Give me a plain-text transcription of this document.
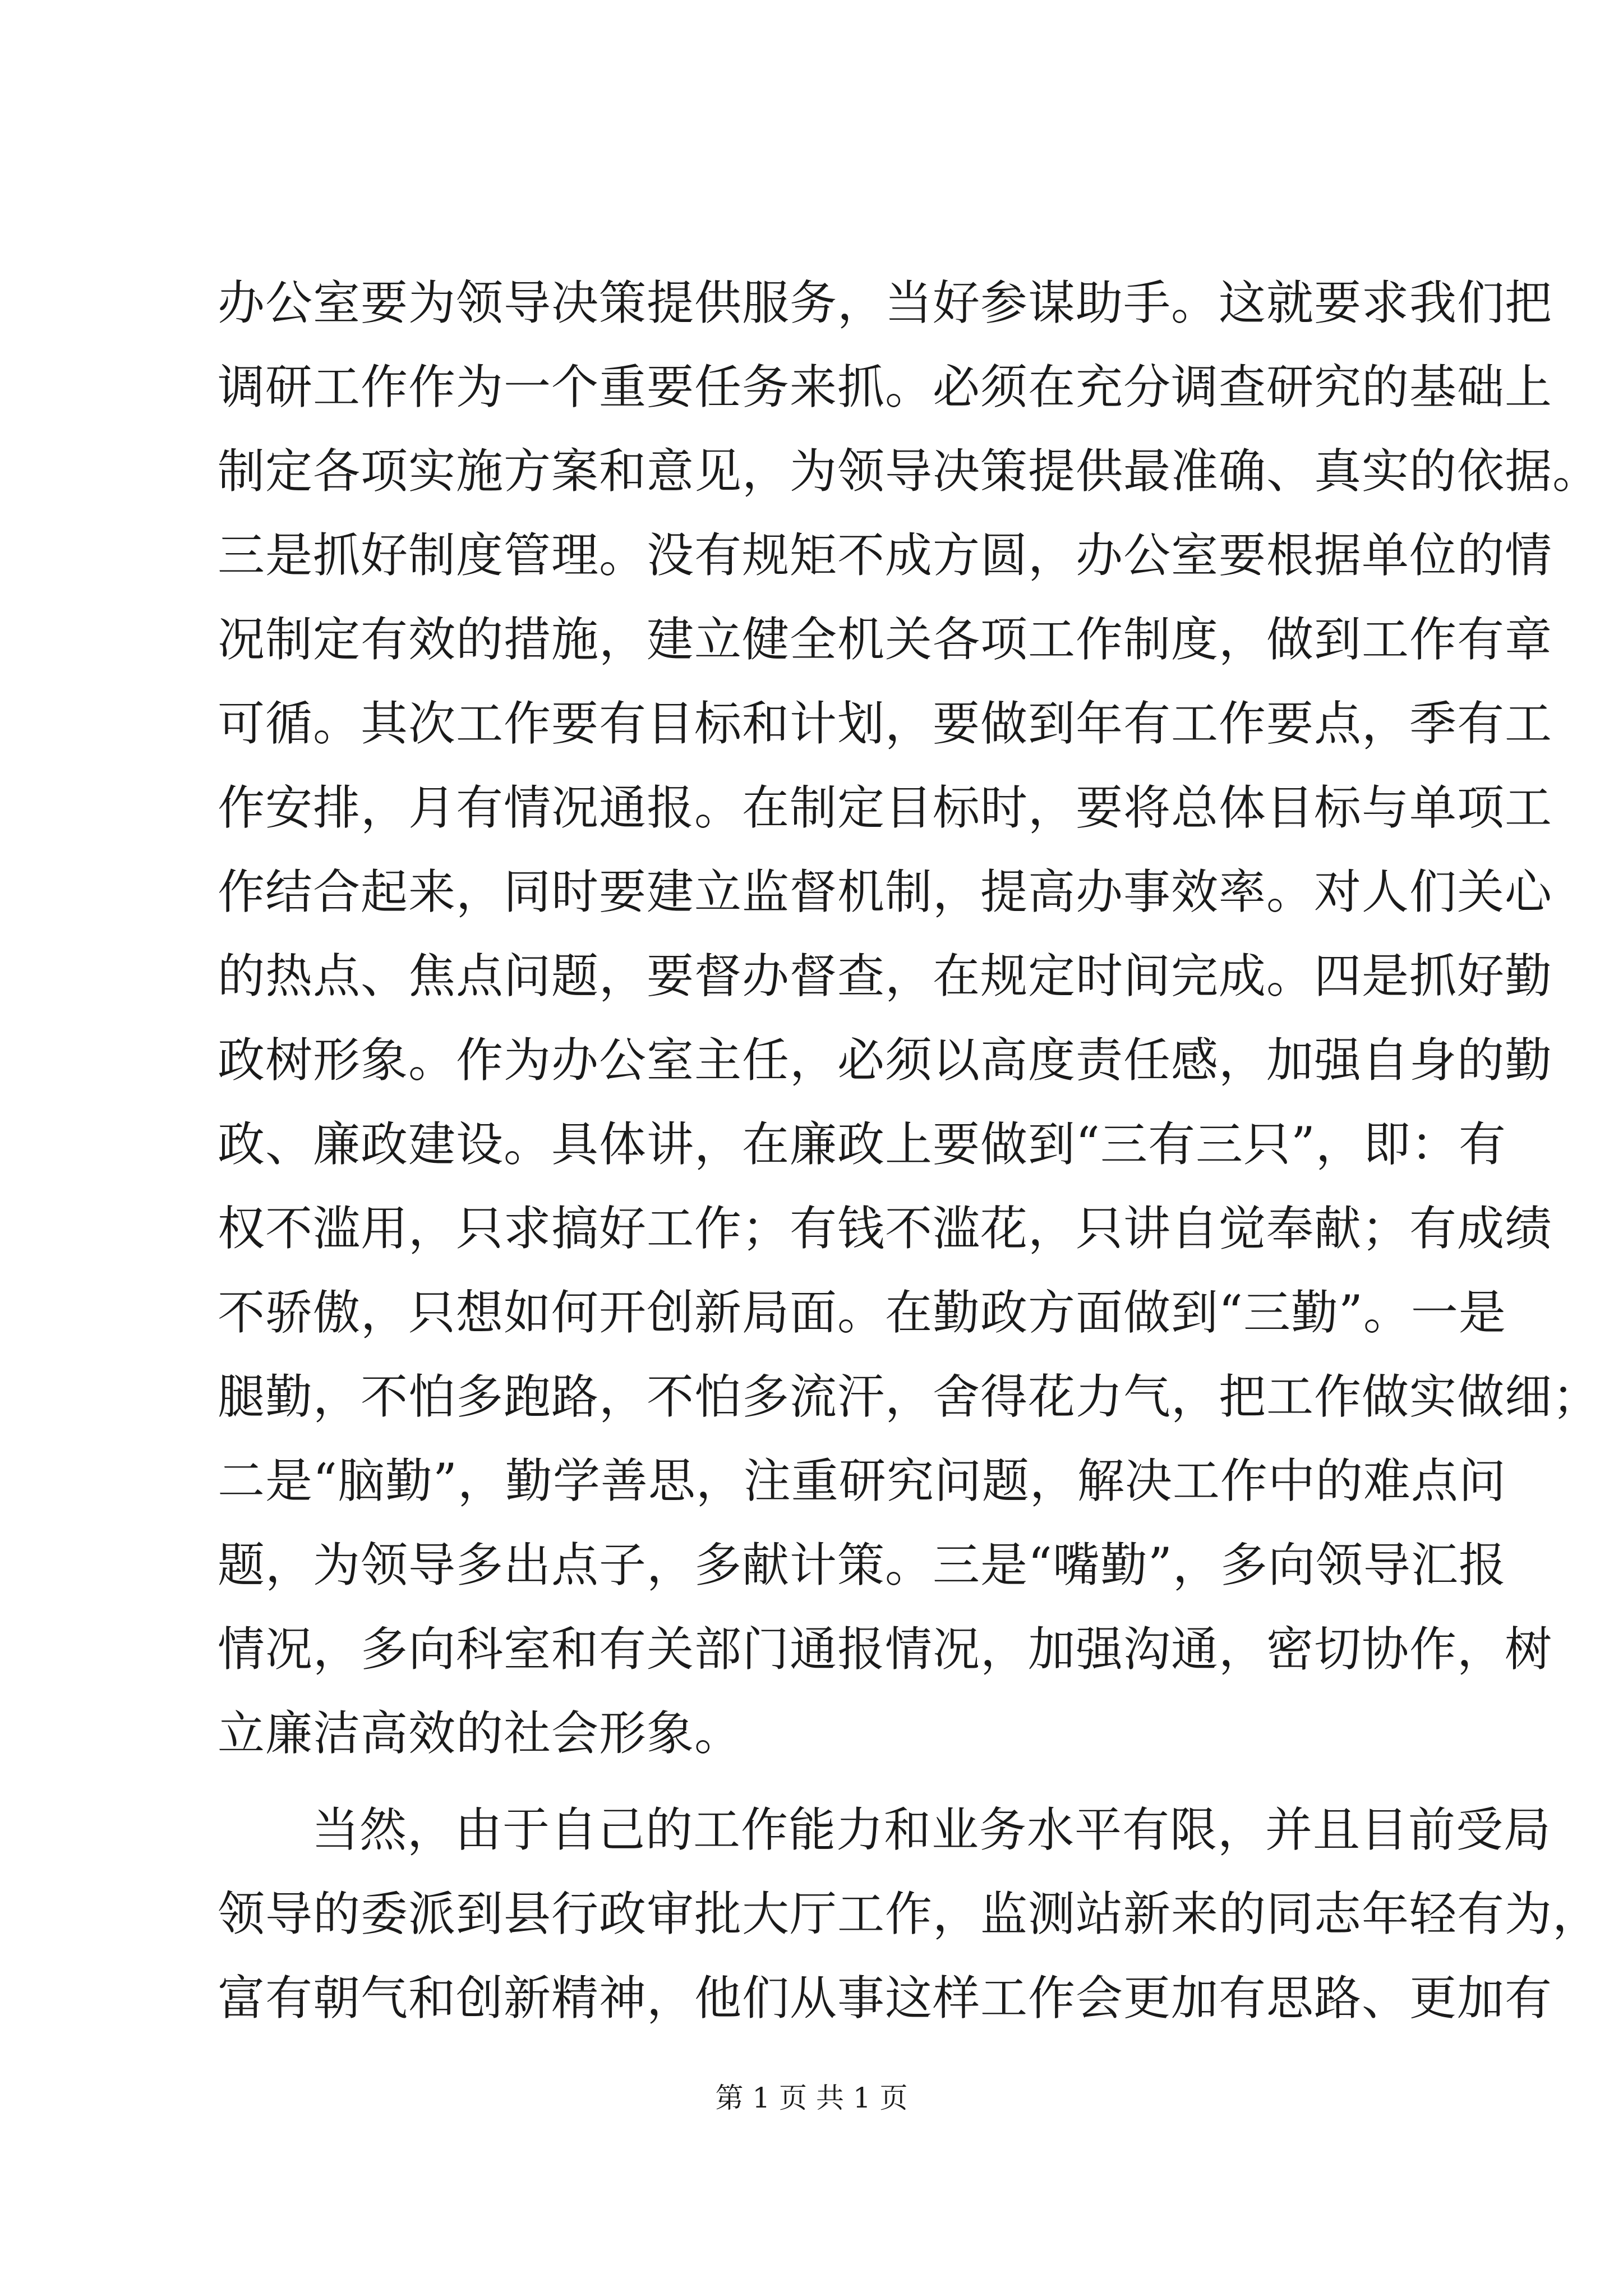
办公室要为领导决策提供服务，当好参谋助手。这就要求我们把
调研工作作为一个重要任务来抓。必须在充分调查研究的基础上
制定各项实施方案和意见，为领导决策提供最准确、真实的依据。
三是抓好制度管理。没有规矩不成方圆，办公室要根据单位的情
况制定有效的措施，建立健全机关各项工作制度，做到工作有章
可循。其次工作要有目标和计划，要做到年有工作要点，季有工
作安排，月有情况通报。在制定目标时，要将总体目标与单项工
作结合起来，同时要建立监督机制，提高办事效率。对人们关心
的热点、焦点问题，要督办督查，在规定时间完成。四是抓好勤
政树形象。作为办公室主任，必须以高度责任感，加强自身的勤
政、廉政建设。具体讲，在廉政上要做到“三有三只”，即：有
权不滥用，只求搞好工作；有钱不滥花，只讲自觉奉献；有成绩
不骄傲，只想如何开创新局面。在勤政方面做到“三勤”。一是
腿勤，不怕多跑路，不怕多流汗，舍得花力气，把工作做实做细；
二是“脑勤”，勤学善思，注重研究问题，解决工作中的难点问
题，为领导多出点子，多献计策。三是“嘴勤”，多向领导汇报
情况，多向科室和有关部门通报情况，加强沟通，密切协作，树
立廉洁高效的社会形象。
当然，由于自己的工作能力和业务水平有限，并且目前受局
领导的委派到县行政审批大厅工作，监测站新来的同志年轻有为，
富有朝气和创新精神，他们从事这样工作会更加有思路、更加有
第 1 页 共 1 页
